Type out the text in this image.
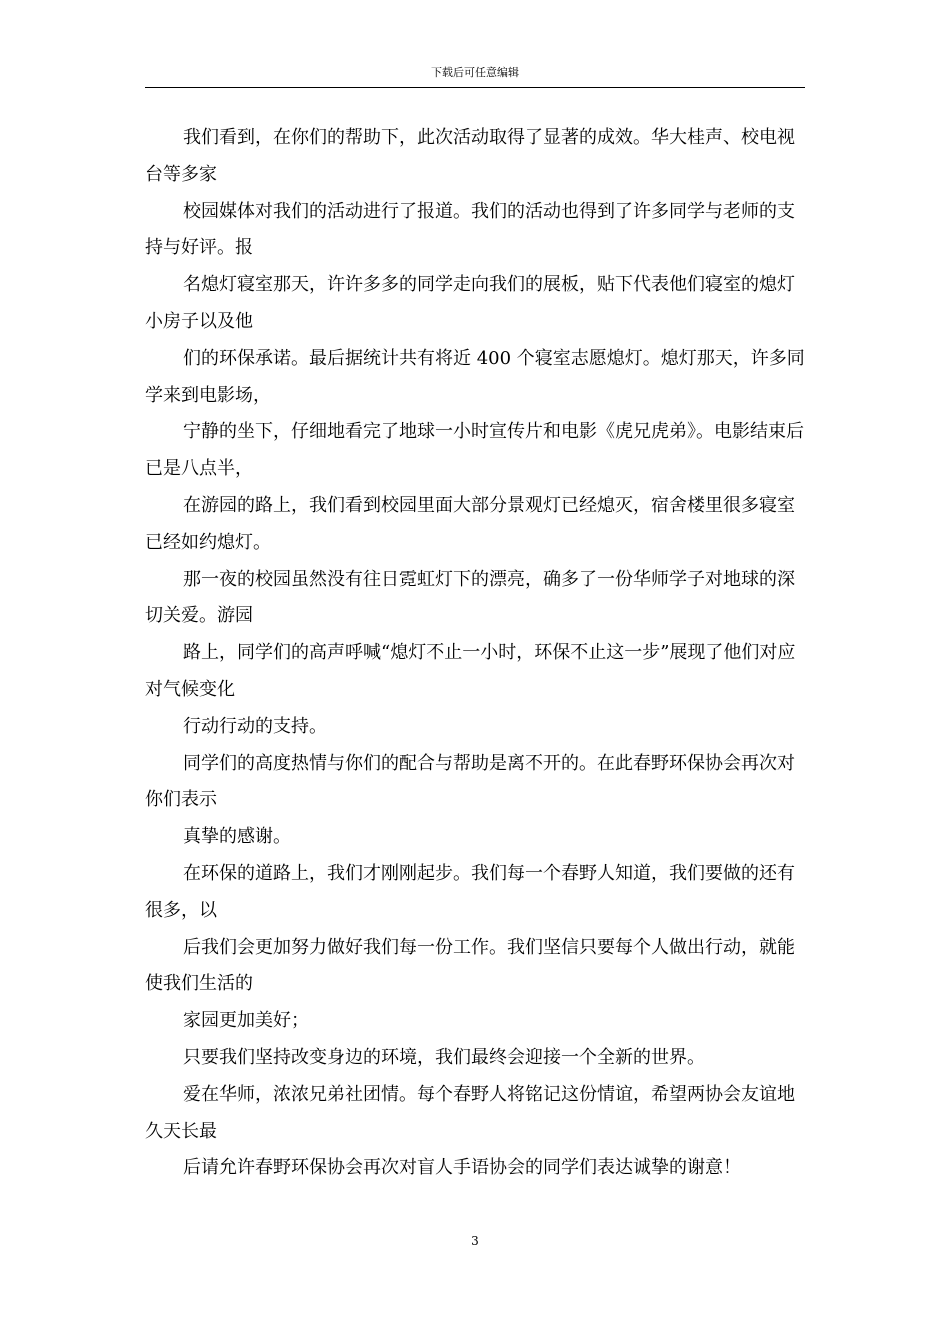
下载后可任意编辑

我们看到，在你们的帮助下，此次活动取得了显著的成效。华大桂声、校电视台等多家

校园媒体对我们的活动进行了报道。我们的活动也得到了许多同学与老师的支持与好评。报

名熄灯寝室那天，许许多多的同学走向我们的展板，贴下代表他们寝室的熄灯小房子以及他

们的环保承诺。最后据统计共有将近 400 个寝室志愿熄灯。熄灯那天，许多同学来到电影场，

宁静的坐下，仔细地看完了地球一小时宣传片和电影《虎兄虎弟》。电影结束后已是八点半，

在游园的路上，我们看到校园里面大部分景观灯已经熄灭，宿舍楼里很多寝室已经如约熄灯。

那一夜的校园虽然没有往日霓虹灯下的漂亮，确多了一份华师学子对地球的深切关爱。游园

路上，同学们的高声呼喊“熄灯不止一小时，环保不止这一步”展现了他们对应对气候变化

行动行动的支持。

同学们的高度热情与你们的配合与帮助是离不开的。在此春野环保协会再次对你们表示

真挚的感谢。

在环保的道路上，我们才刚刚起步。我们每一个春野人知道，我们要做的还有很多，以

后我们会更加努力做好我们每一份工作。我们坚信只要每个人做出行动，就能使我们生活的

家园更加美好；

只要我们坚持改变身边的环境，我们最终会迎接一个全新的世界。

爱在华师，浓浓兄弟社团情。每个春野人将铭记这份情谊，希望两协会友谊地久天长最

后请允许春野环保协会再次对盲人手语协会的同学们表达诚挚的谢意！

3
